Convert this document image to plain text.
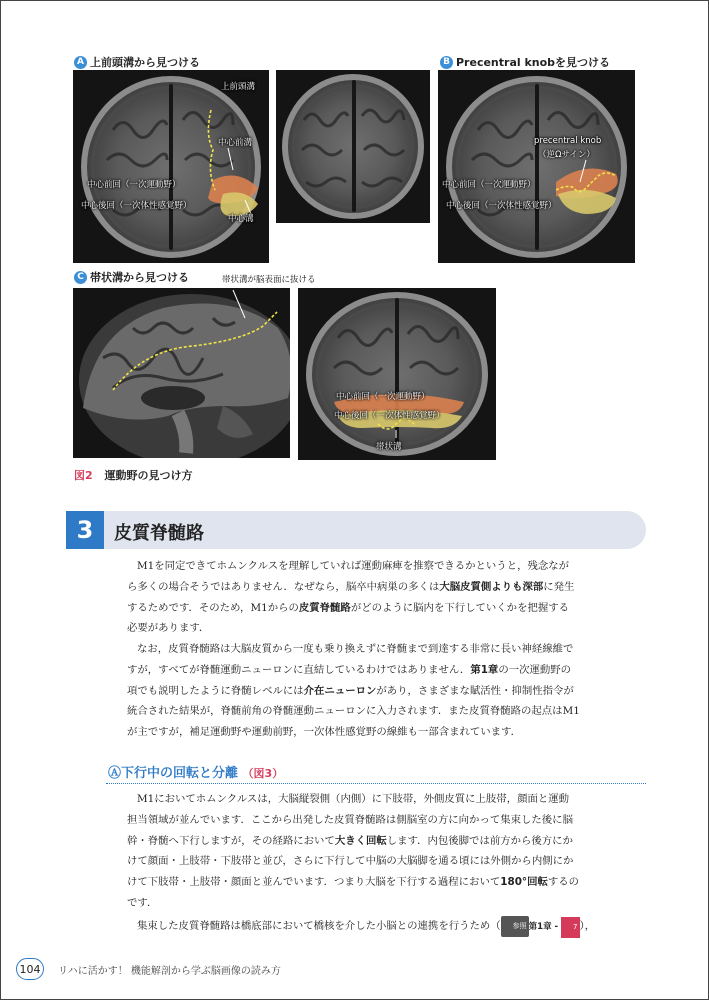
A 上前頭溝から見つける
上前頭溝
中心前溝
中心前回（一次運動野）
中心後回（一次体性感覚野）
中心溝
B Precentral knobを見つける
precentral knob
（逆Ωサイン）
中心前回（一次運動野）
中心後回（一次体性感覚野）
C 帯状溝から見つける	帯状溝が脳表面に抜ける
中心前回（一次運動野）
中心後回（一次体性感覚野）
帯状溝
図2 運動野の見つけ方
3	皮質脊髄路
M1を同定できてホムンクルスを理解していれば運動麻痺を推察できるかというと，残念なが
ら多くの場合そうではありません．なぜなら，脳卒中病巣の多くは大脳皮質側よりも深部に発生
するためです．そのため，M1からの皮質脊髄路がどのように脳内を下行していくかを把握する
必要があります．
なお，皮質脊髄路は大脳皮質から一度も乗り換えずに脊髄まで到達する非常に長い神経線維で
すが，すべてが脊髄運動ニューロンに直結しているわけではありません．第1章の一次運動野の
項でも説明したように脊髄レベルには介在ニューロンがあり，さまざまな賦活性・抑制性指令が
統合された結果が，脊髄前角の脊髄運動ニューロンに入力されます．また皮質脊髄路の起点はM1
が主ですが，補足運動野や運動前野，一次体性感覚野の線維も一部含まれています．
Ⓐ下行中の回転と分離 （図3）
M1においてホムンクルスは，大脳縦裂側（内側）に下肢帯，外側皮質に上肢帯，顔面と運動
担当領域が並んでいます．ここから出発した皮質脊髄路は側脳室の方に向かって集束した後に脳
幹・脊髄へ下行しますが，その経路において大きく回転します．内包後脚では前方から後方にか
けて顔面・上肢帯・下肢帯と並び，さらに下行して中脳の大脳脚を通る頃には外側から内側にか
けて下肢帯・上肢帯・顔面と並んでいます．つまり大脳を下行する過程において180°回転するの
です．
集束した皮質脊髄路は橋底部において橋核を介した小脳との連携を行うため（ 参照 第1章 - 7 ），
104	リハに活かす！ 機能解剖から学ぶ脳画像の読み方
